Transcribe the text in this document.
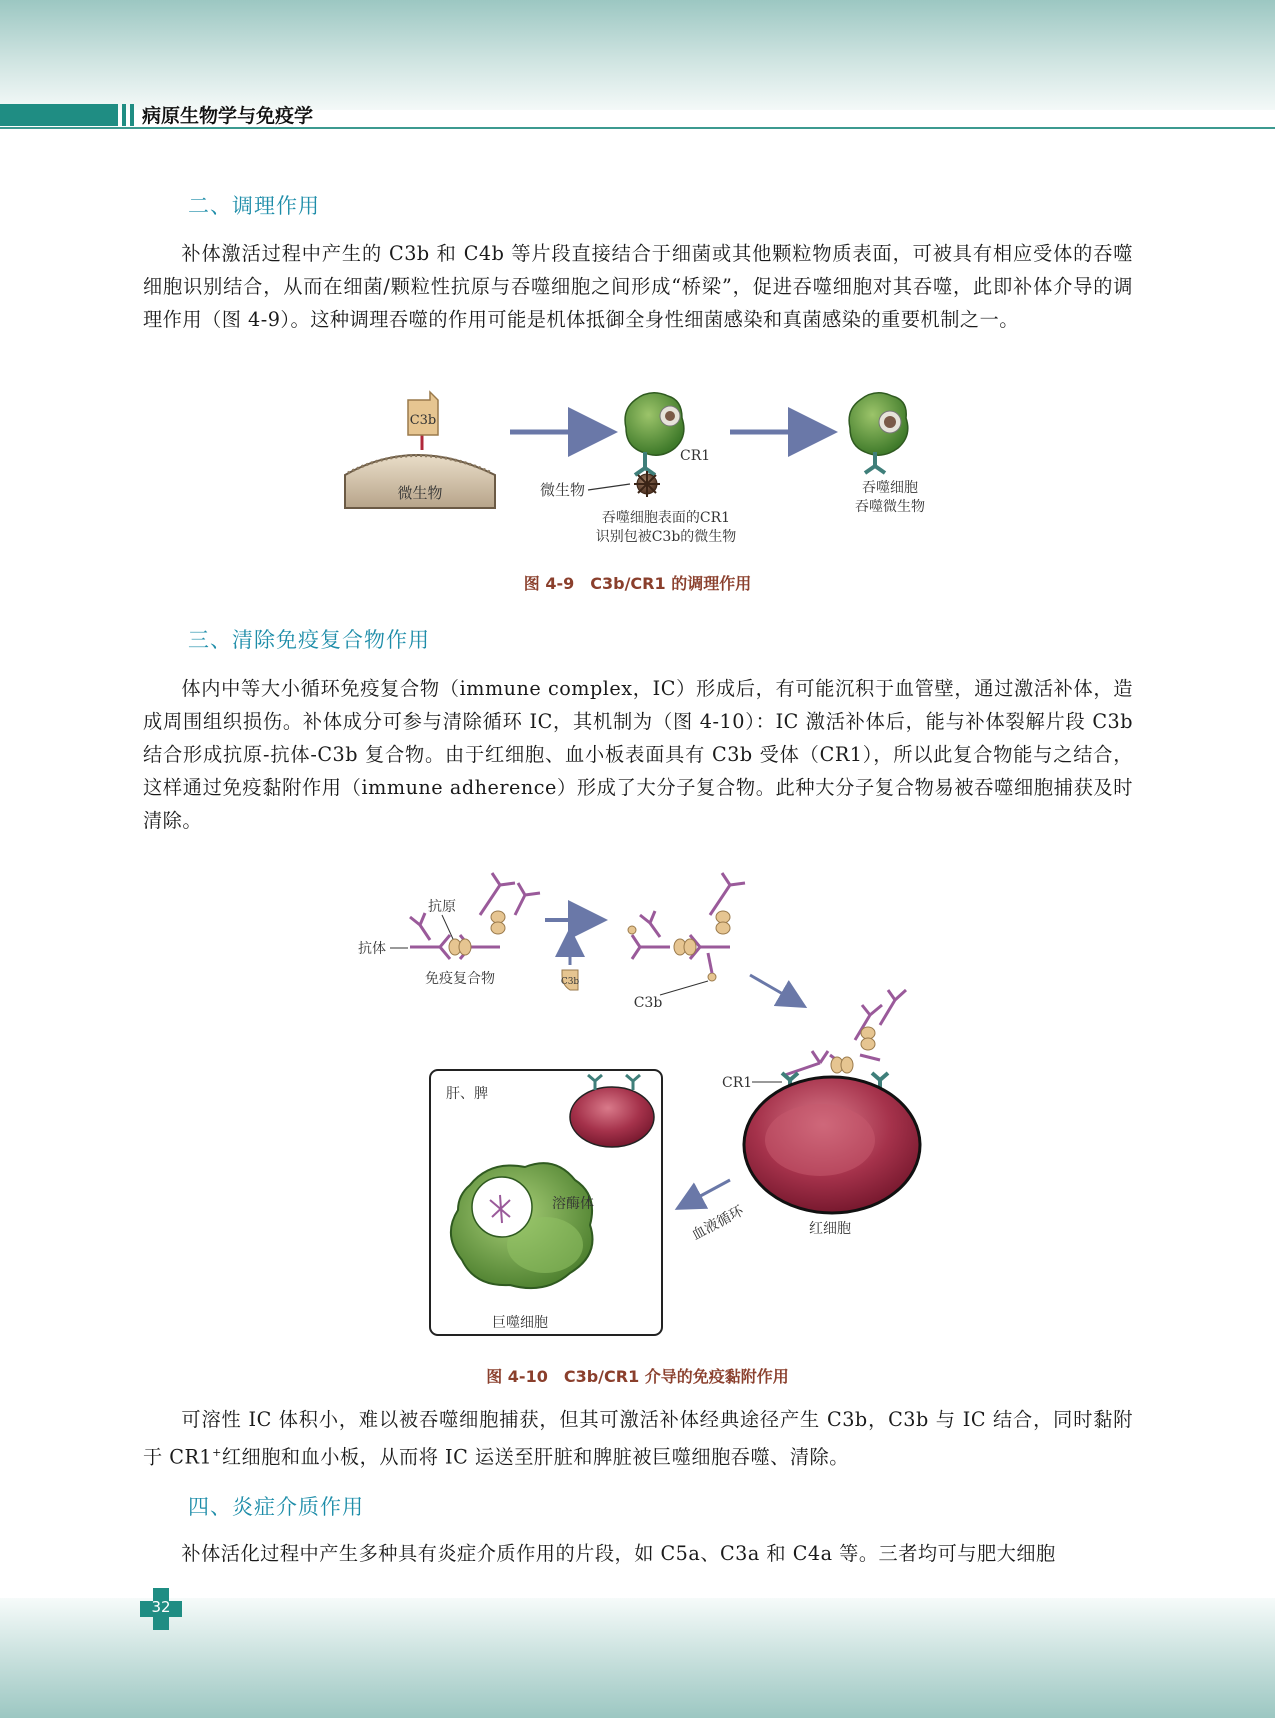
病原生物学与免疫学
二、调理作用
补体激活过程中产生的 C3b 和 C4b 等片段直接结合于细菌或其他颗粒物质表面，可被具有相应受体的吞噬细胞识别结合，从而在细菌/颗粒性抗原与吞噬细胞之间形成“桥梁”，促进吞噬细胞对其吞噬，此即补体介导的调理作用（图 4-9）。这种调理吞噬的作用可能是机体抵御全身性细菌感染和真菌感染的重要机制之一。
微生物
C3b
CR1
微生物
吞噬细胞表面的CR1
识别包被C3b的微生物
吞噬细胞
吞噬微生物
图 4-9　C3b/CR1 的调理作用
三、清除免疫复合物作用
体内中等大小循环免疫复合物（immune complex，IC）形成后，有可能沉积于血管壁，通过激活补体，造成周围组织损伤。补体成分可参与清除循环 IC，其机制为（图 4-10）：IC 激活补体后，能与补体裂解片段 C3b 结合形成抗原-抗体-C3b 复合物。由于红细胞、血小板表面具有 C3b 受体（CR1），所以此复合物能与之结合，这样通过免疫黏附作用（immune adherence）形成了大分子复合物。此种大分子复合物易被吞噬细胞捕获及时清除。
抗原
抗体
免疫复合物	C3b
C3b
CR1
红细胞
血液循环
肝、脾
溶酶体
巨噬细胞
图 4-10　C3b/CR1 介导的免疫黏附作用
可溶性 IC 体积小，难以被吞噬细胞捕获，但其可激活补体经典途径产生 C3b，C3b 与 IC 结合，同时黏附于 CR1+红细胞和血小板，从而将 IC 运送至肝脏和脾脏被巨噬细胞吞噬、清除。
四、炎症介质作用
补体活化过程中产生多种具有炎症介质作用的片段，如 C5a、C3a 和 C4a 等。三者均可与肥大细胞
32
